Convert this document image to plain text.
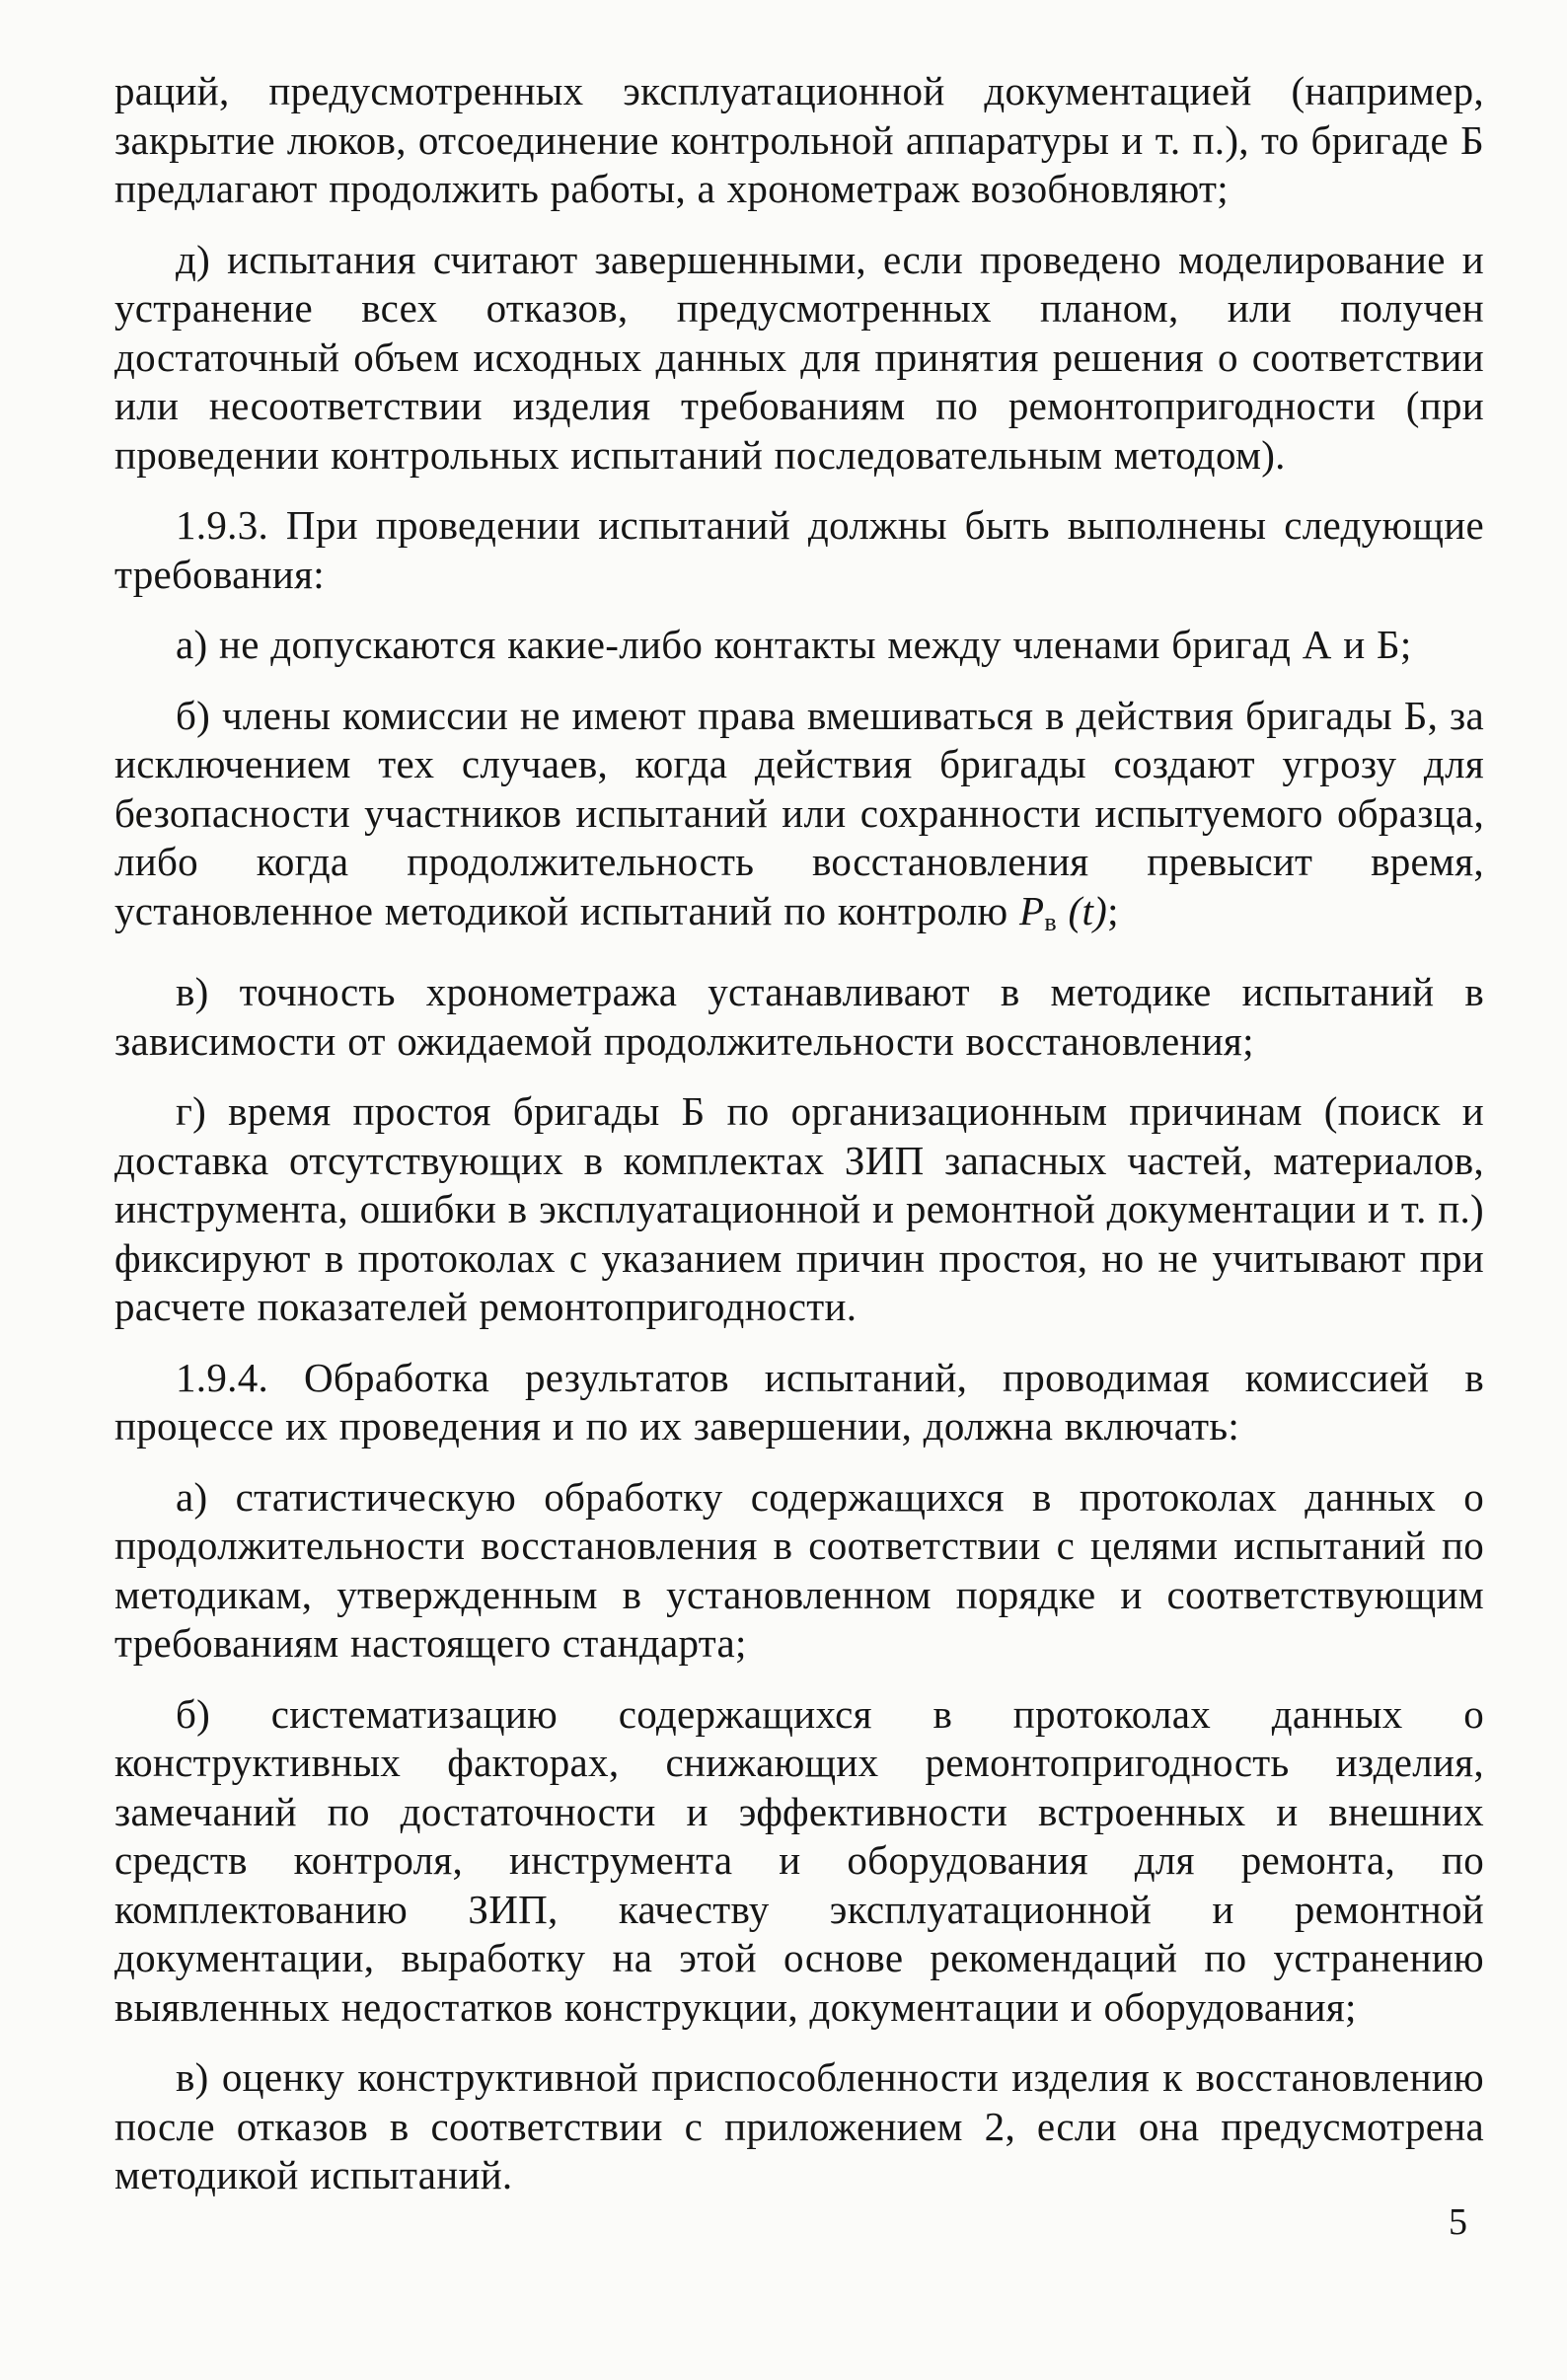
раций, предусмотренных эксплуатационной документацией (например, закрытие люков, отсоединение контрольной аппаратуры и т. п.), то бригаде Б предлагают продолжить работы, а хронометраж возобновляют;

д) испытания считают завершенными, если проведено моделирование и устранение всех отказов, предусмотренных планом, или получен достаточный объем исходных данных для принятия решения о соответствии или несоответствии изделия требованиям по ремонтопригодности (при проведении контрольных испытаний последовательным методом).

1.9.3. При проведении испытаний должны быть выполнены следующие требования:

а) не допускаются какие-либо контакты между членами бригад А и Б;

б) члены комиссии не имеют права вмешиваться в действия бригады Б, за исключением тех случаев, когда действия бригады создают угрозу для безопасности участников испытаний или сохранности испытуемого образца, либо когда продолжительность восстановления превысит время, установленное методикой испытаний по контролю $P_в$ (t);

в) точность хронометража устанавливают в методике испытаний в зависимости от ожидаемой продолжительности восстановления;

г) время простоя бригады Б по организационным причинам (поиск и доставка отсутствующих в комплектах ЗИП запасных частей, материалов, инструмента, ошибки в эксплуатационной и ремонтной документации и т. п.) фиксируют в протоколах с указанием причин простоя, но не учитывают при расчете показателей ремонтопригодности.

1.9.4. Обработка результатов испытаний, проводимая комиссией в процессе их проведения и по их завершении, должна включать:

а) статистическую обработку содержащихся в протоколах данных о продолжительности восстановления в соответствии с целями испытаний по методикам, утвержденным в установленном порядке и соответствующим требованиям настоящего стандарта;

б) систематизацию содержащихся в протоколах данных о конструктивных факторах, снижающих ремонтопригодность изделия, замечаний по достаточности и эффективности встроенных и внешних средств контроля, инструмента и оборудования для ремонта, по комплектованию ЗИП, качеству эксплуатационной и ремонтной документации, выработку на этой основе рекомендаций по устранению выявленных недостатков конструкции, документации и оборудования;

в) оценку конструктивной приспособленности изделия к восстановлению после отказов в соответствии с приложением 2, если она предусмотрена методикой испытаний.

5
